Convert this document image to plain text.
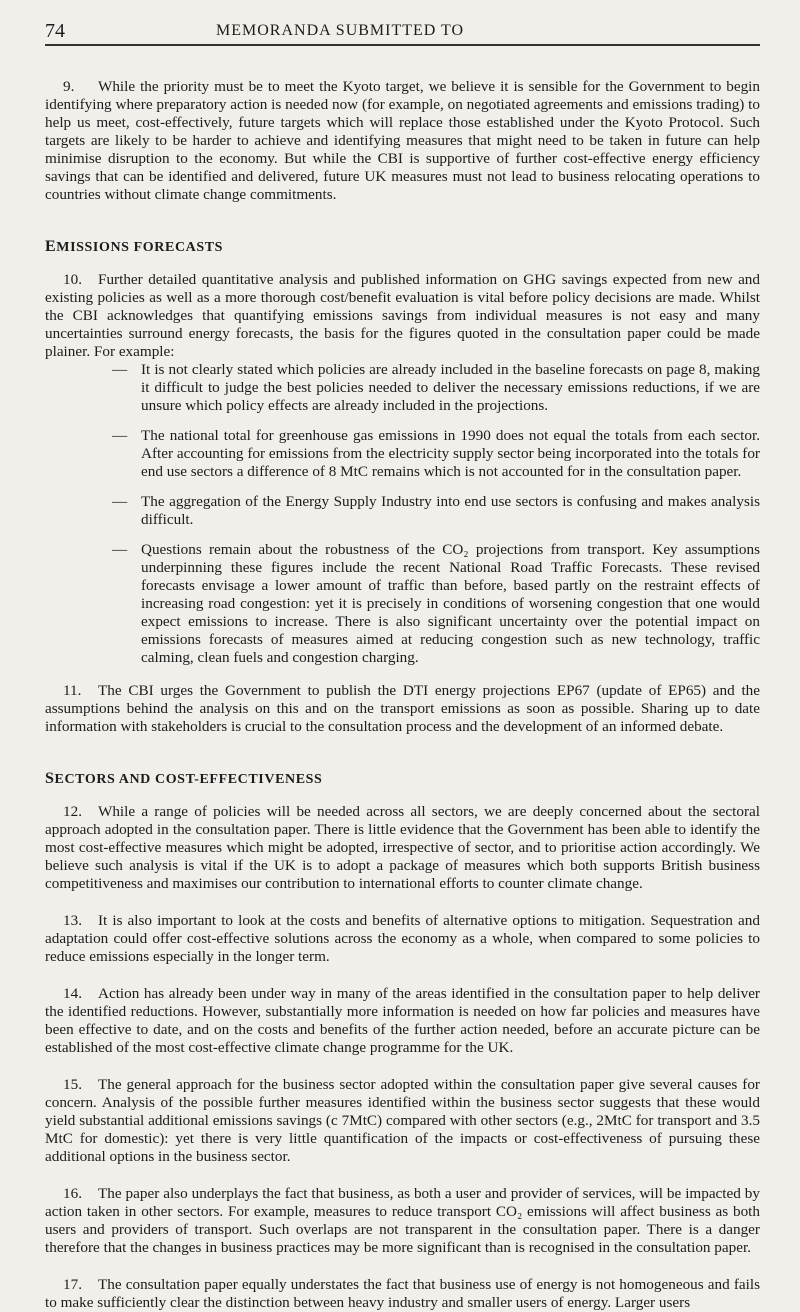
74	MEMORANDA SUBMITTED TO

9. While the priority must be to meet the Kyoto target, we believe it is sensible for the Government to begin identifying where preparatory action is needed now (for example, on negotiated agreements and emissions trading) to help us meet, cost-effectively, future targets which will replace those established under the Kyoto Protocol. Such targets are likely to be harder to achieve and identifying measures that might need to be taken in future can help minimise disruption to the economy. But while the CBI is supportive of further cost-effective energy efficiency savings that can be identified and delivered, future UK measures must not lead to business relocating operations to countries without climate change commitments.

EMISSIONS FORECASTS

10. Further detailed quantitative analysis and published information on GHG savings expected from new and existing policies as well as a more thorough cost/benefit evaluation is vital before policy decisions are made. Whilst the CBI acknowledges that quantifying emissions savings from individual measures is not easy and many uncertainties surround energy forecasts, the basis for the figures quoted in the consultation paper could be made plainer. For example:

— It is not clearly stated which policies are already included in the baseline forecasts on page 8, making it difficult to judge the best policies needed to deliver the necessary emissions reductions, if we are unsure which policy effects are already included in the projections.
— The national total for greenhouse gas emissions in 1990 does not equal the totals from each sector. After accounting for emissions from the electricity supply sector being incorporated into the totals for end use sectors a difference of 8 MtC remains which is not accounted for in the consultation paper.
— The aggregation of the Energy Supply Industry into end use sectors is confusing and makes analysis difficult.
— Questions remain about the robustness of the CO₂ projections from transport. Key assumptions underpinning these figures include the recent National Road Traffic Forecasts. These revised forecasts envisage a lower amount of traffic than before, based partly on the restraint effects of increasing road congestion: yet it is precisely in conditions of worsening congestion that one would expect emissions to increase. There is also significant uncertainty over the potential impact on emissions forecasts of measures aimed at reducing congestion such as new technology, traffic calming, clean fuels and congestion charging.

11. The CBI urges the Government to publish the DTI energy projections EP67 (update of EP65) and the assumptions behind the analysis on this and on the transport emissions as soon as possible. Sharing up to date information with stakeholders is crucial to the consultation process and the development of an informed debate.

SECTORS AND COST-EFFECTIVENESS

12. While a range of policies will be needed across all sectors, we are deeply concerned about the sectoral approach adopted in the consultation paper. There is little evidence that the Government has been able to identify the most cost-effective measures which might be adopted, irrespective of sector, and to prioritise action accordingly. We believe such analysis is vital if the UK is to adopt a package of measures which both supports British business competitiveness and maximises our contribution to international efforts to counter climate change.

13. It is also important to look at the costs and benefits of alternative options to mitigation. Sequestration and adaptation could offer cost-effective solutions across the economy as a whole, when compared to some policies to reduce emissions especially in the longer term.

14. Action has already been under way in many of the areas identified in the consultation paper to help deliver the identified reductions. However, substantially more information is needed on how far policies and measures have been effective to date, and on the costs and benefits of the further action needed, before an accurate picture can be established of the most cost-effective climate change programme for the UK.

15. The general approach for the business sector adopted within the consultation paper give several causes for concern. Analysis of the possible further measures identified within the business sector suggests that these would yield substantial additional emissions savings (c 7MtC) compared with other sectors (e.g., 2MtC for transport and 3.5 MtC for domestic): yet there is very little quantification of the impacts or cost-effectiveness of pursuing these additional options in the business sector.

16. The paper also underplays the fact that business, as both a user and provider of services, will be impacted by action taken in other sectors. For example, measures to reduce transport CO₂ emissions will affect business as both users and providers of transport. Such overlaps are not transparent in the consultation paper. There is a danger therefore that the changes in business practices may be more significant than is recognised in the consultation paper.

17. The consultation paper equally understates the fact that business use of energy is not homogeneous and fails to make sufficiently clear the distinction between heavy industry and smaller users of energy. Larger users
